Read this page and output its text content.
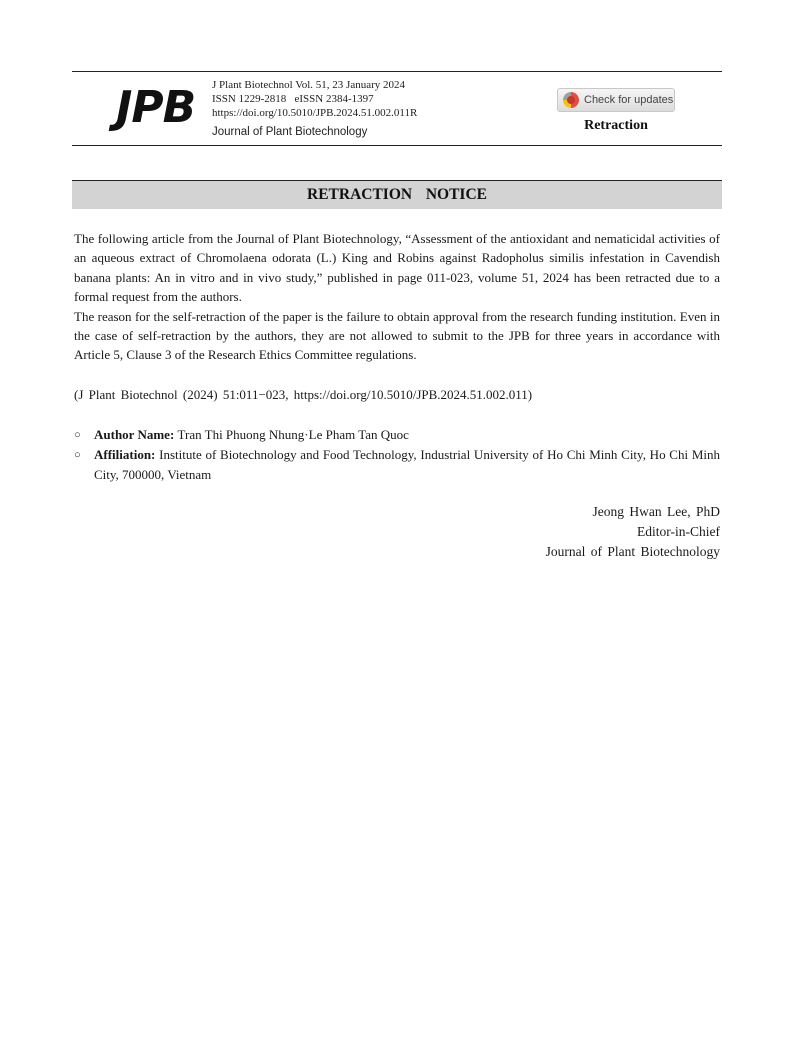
JPB J Plant Biotechnol Vol. 51, 23 January 2024
ISSN 1229-2818   eISSN 2384-1397
https://doi.org/10.5010/JPB.2024.51.002.011R
Journal of Plant Biotechnology
Check for updates
Retraction
RETRACTION  NOTICE

The following article from the Journal of Plant Biotechnology, “Assessment of the antioxidant and nematicidal activities of an aqueous extract of Chromolaena odorata (L.) King and Robins against Radopholus similis infestation in Cavendish banana plants: An in vitro and in vivo study,” published in page 011-023, volume 51, 2024 has been retracted due to a formal request from the authors.

The reason for the self-retraction of the paper is the failure to obtain approval from the research funding institution. Even in the case of self-retraction by the authors, they are not allowed to submit to the JPB for three years in accordance with Article 5, Clause 3 of the Research Ethics Committee regulations.

(J Plant Biotechnol (2024) 51:011−023, https://doi.org/10.5010/JPB.2024.51.002.011)
○ Author Name: Tran Thi Phuong Nhung·Le Pham Tan Quoc
○ Affiliation: Institute of Biotechnology and Food Technology, Industrial University of Ho Chi Minh City, Ho Chi Minh City, 700000, Vietnam
Jeong Hwan Lee, PhD
Editor-in-Chief
Journal of Plant Biotechnology
